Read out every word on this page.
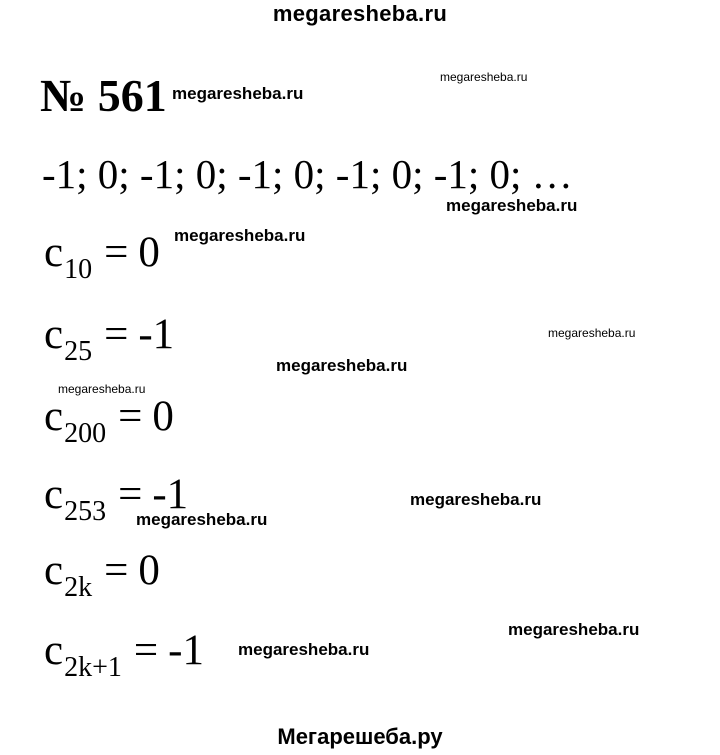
megaresheba.ru
№ 561
-1; 0; -1; 0; -1; 0; -1; 0; -1; 0; …
$c_{10} = 0$
$c_{25} = -1$
$c_{200} = 0$
$c_{253} = -1$
$c_{2k} = 0$
$c_{2k+1} = -1$
megaresheba.ru
megaresheba.ru
megaresheba.ru
megaresheba.ru
megaresheba.ru
megaresheba.ru
megaresheba.ru
megaresheba.ru
megaresheba.ru
megaresheba.ru
megaresheba.ru
Мегарешеба.ру
